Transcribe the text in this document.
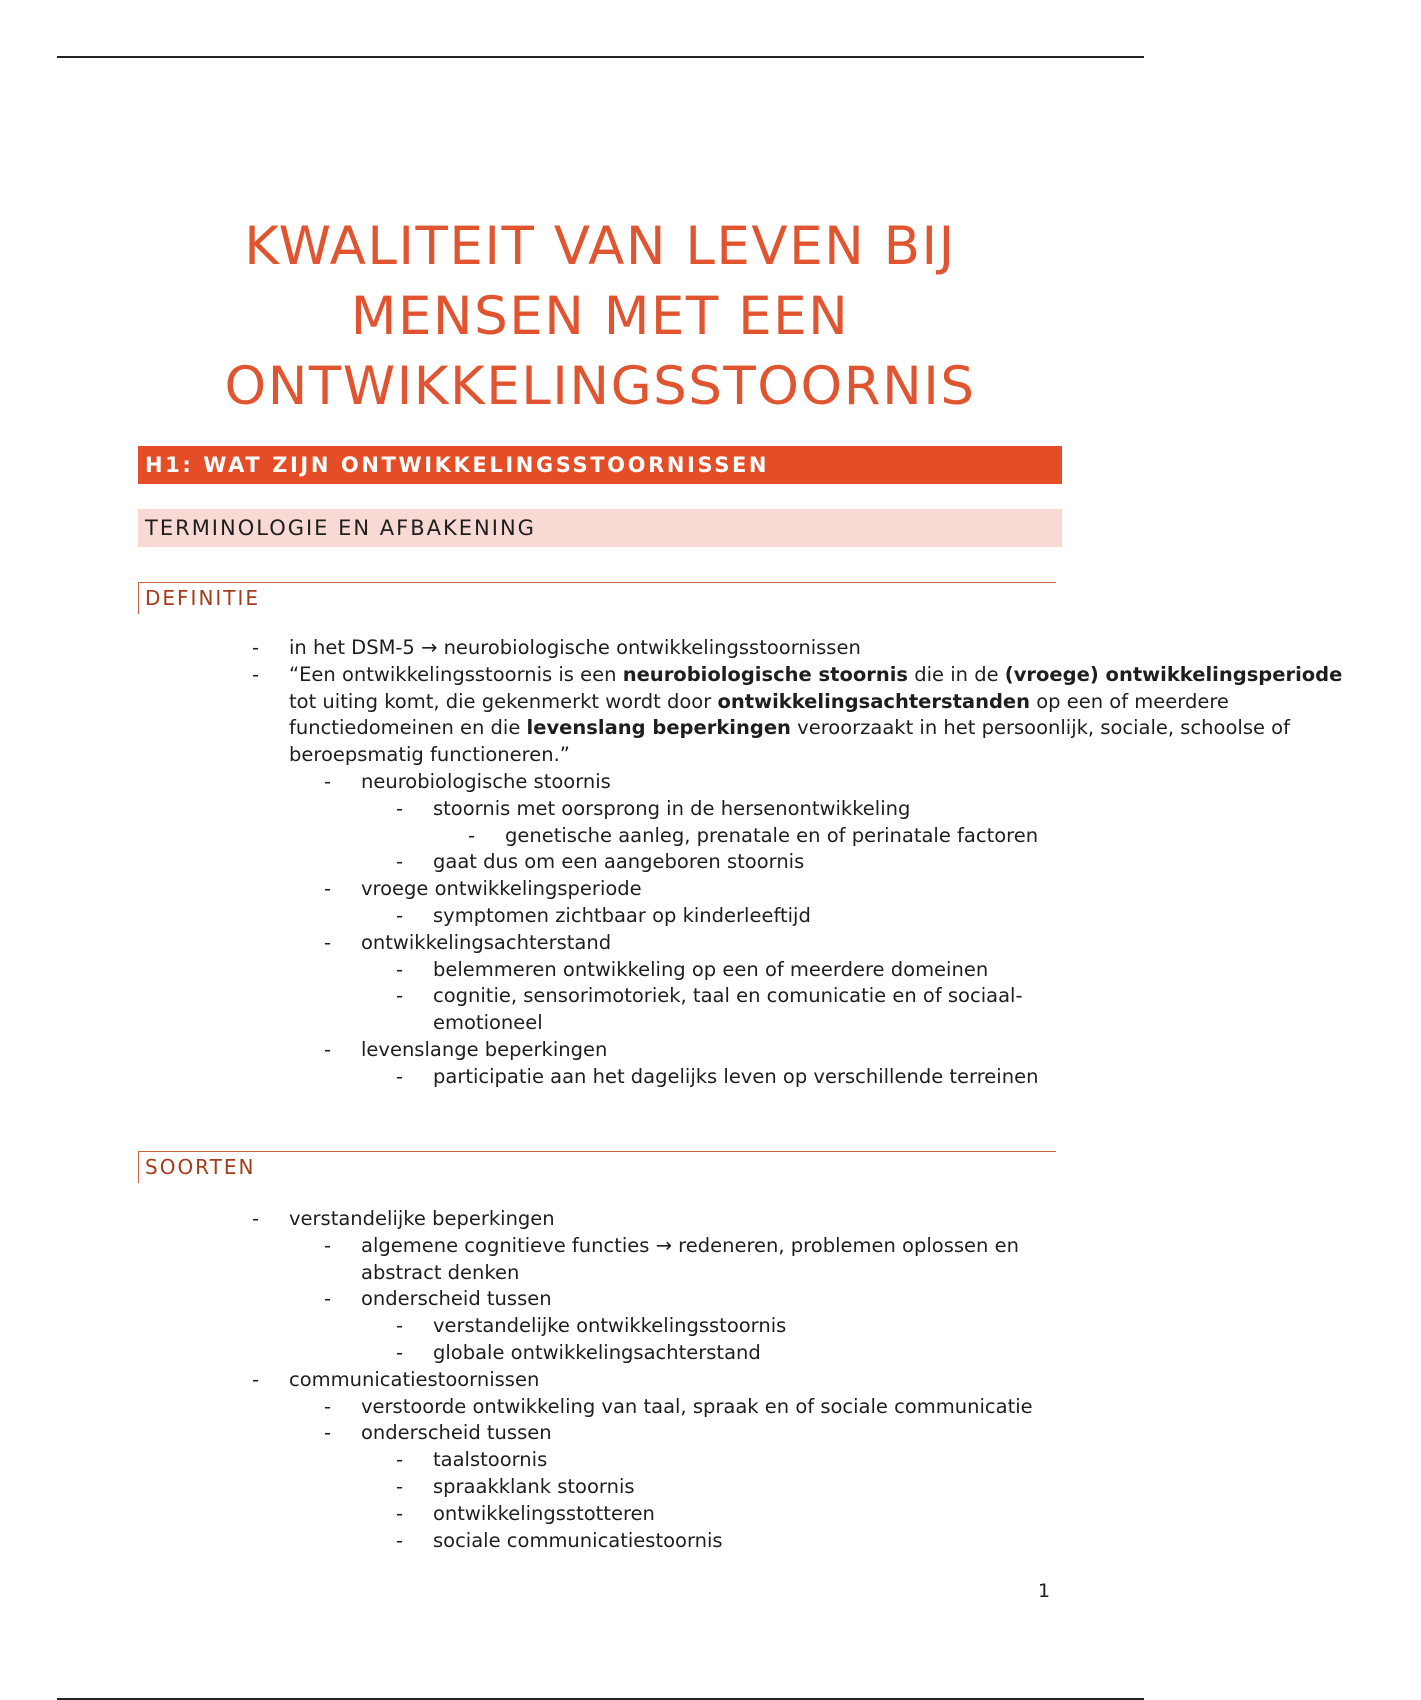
KWALITEIT VAN LEVEN BIJ MENSEN MET EEN ONTWIKKELINGSSTOORNIS
H1: WAT ZIJN ONTWIKKELINGSSTOORNISSEN
TERMINOLOGIE EN AFBAKENING
DEFINITIE
- in het DSM-5 → neurobiologische ontwikkelingsstoornissen
- “Een ontwikkelingsstoornis is een neurobiologische stoornis die in de (vroege) ontwikkelingsperiode tot uiting komt, die gekenmerkt wordt door ontwikkelingsachterstanden op een of meerdere functiedomeinen en die levenslang beperkingen veroorzaakt in het persoonlijk, sociale, schoolse of beroepsmatig functioneren.”
- neurobiologische stoornis
- stoornis met oorsprong in de hersenontwikkeling
- genetische aanleg, prenatale en of perinatale factoren
- gaat dus om een aangeboren stoornis
- vroege ontwikkelingsperiode
- symptomen zichtbaar op kinderleeftijd
- ontwikkelingsachterstand
- belemmeren ontwikkeling op een of meerdere domeinen
- cognitie, sensorimotoriek, taal en comunicatie en of sociaal-emotioneel
- levenslange beperkingen
- participatie aan het dagelijks leven op verschillende terreinen
SOORTEN
- verstandelijke beperkingen
- algemene cognitieve functies → redeneren, problemen oplossen en abstract denken
- onderscheid tussen
- verstandelijke ontwikkelingsstoornis
- globale ontwikkelingsachterstand
- communicatiestoornissen
- verstoorde ontwikkeling van taal, spraak en of sociale communicatie
- onderscheid tussen
- taalstoornis
- spraakklank stoornis
- ontwikkelingsstotteren
- sociale communicatiestoornis
1
